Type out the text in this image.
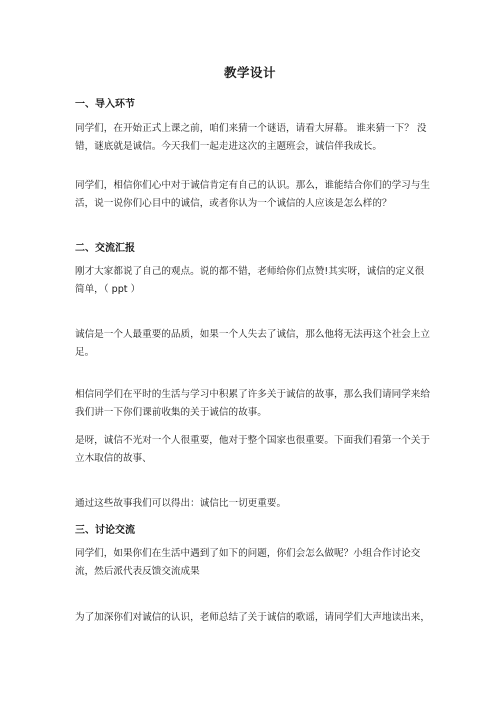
教学设计
一、导入环节

同学们，在开始正式上课之前，咱们来猜一个谜语，请看大屏幕。 谁来猜一下？ 没错，谜底就是诚信。今天我们一起走进这次的主题班会，诚信伴我成长。

同学们，相信你们心中对于诚信肯定有自己的认识。那么，谁能结合你们的学习与生活，说一说你们心目中的诚信，或者你认为一个诚信的人应该是怎么样的？

二、交流汇报

刚才大家都说了自己的观点。说的都不错，老师给你们点赞!其实呀，诚信的定义很简单，（ ppt ）

诚信是一个人最重要的品质，如果一个人失去了诚信，那么他将无法再这个社会上立足。

相信同学们在平时的生活与学习中积累了许多关于诚信的故事，那么我们请同学来给我们讲一下你们课前收集的关于诚信的故事。

是呀，诚信不光对一个人很重要，他对于整个国家也很重要。下面我们看第一个关于立木取信的故事、

通过这些故事我们可以得出：诚信比一切更重要。

三、讨论交流

同学们，如果你们在生活中遇到了如下的问题，你们会怎么做呢？小组合作讨论交流，然后派代表反馈交流成果

为了加深你们对诚信的认识，老师总结了关于诚信的歌谣，请同学们大声地读出来，
